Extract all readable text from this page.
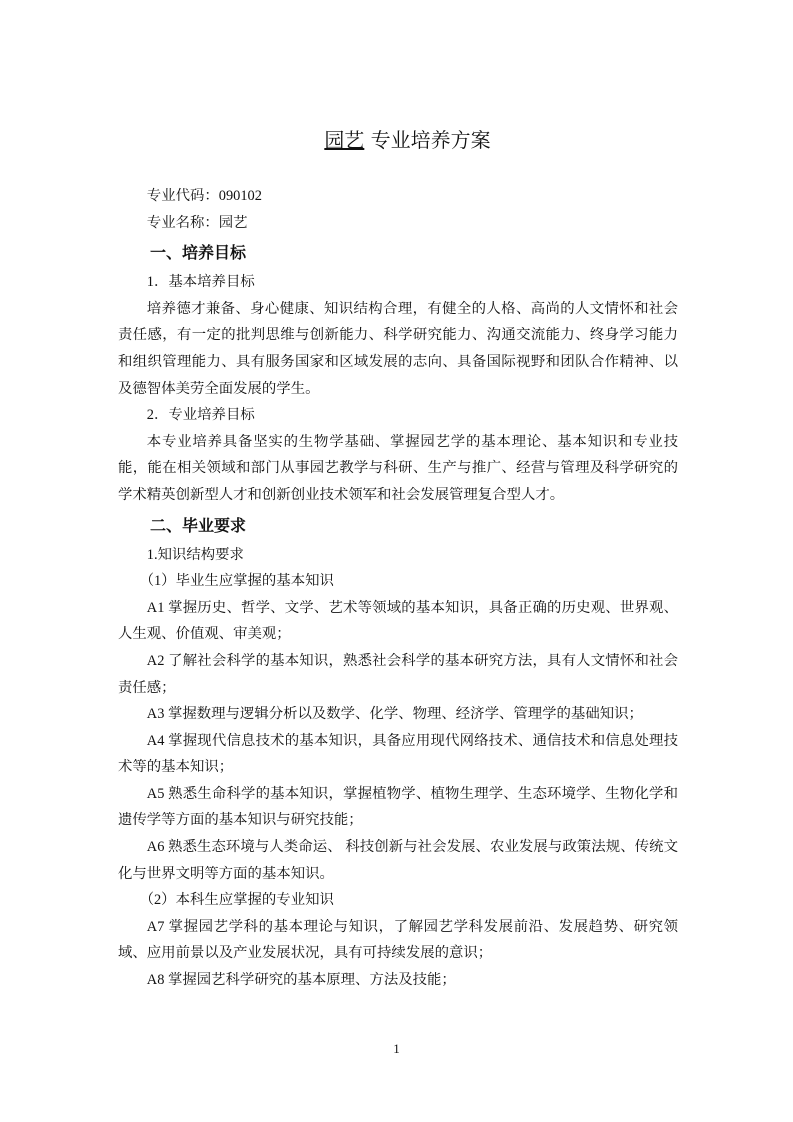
园艺 专业培养方案

专业代码：090102

专业名称：园艺

一、培养目标

1．基本培养目标

培养德才兼备、身心健康、知识结构合理，有健全的人格、高尚的人文情怀和社会责任感，有一定的批判思维与创新能力、科学研究能力、沟通交流能力、终身学习能力和组织管理能力、具有服务国家和区域发展的志向、具备国际视野和团队合作精神、以及德智体美劳全面发展的学生。

2．专业培养目标

本专业培养具备坚实的生物学基础、掌握园艺学的基本理论、基本知识和专业技能，能在相关领域和部门从事园艺教学与科研、生产与推广、经营与管理及科学研究的学术精英创新型人才和创新创业技术领军和社会发展管理复合型人才。

二、毕业要求

1.知识结构要求

（1）毕业生应掌握的基本知识

A1 掌握历史、哲学、文学、艺术等领域的基本知识，具备正确的历史观、世界观、人生观、价值观、审美观；

A2 了解社会科学的基本知识，熟悉社会科学的基本研究方法，具有人文情怀和社会责任感；

A3 掌握数理与逻辑分析以及数学、化学、物理、经济学、管理学的基础知识；

A4 掌握现代信息技术的基本知识，具备应用现代网络技术、通信技术和信息处理技术等的基本知识；

A5 熟悉生命科学的基本知识，掌握植物学、植物生理学、生态环境学、生物化学和遗传学等方面的基本知识与研究技能；

A6 熟悉生态环境与人类命运、 科技创新与社会发展、农业发展与政策法规、传统文化与世界文明等方面的基本知识。

（2）本科生应掌握的专业知识

A7 掌握园艺学科的基本理论与知识，了解园艺学科发展前沿、发展趋势、研究领域、应用前景以及产业发展状况，具有可持续发展的意识；

A8 掌握园艺科学研究的基本原理、方法及技能；

1
